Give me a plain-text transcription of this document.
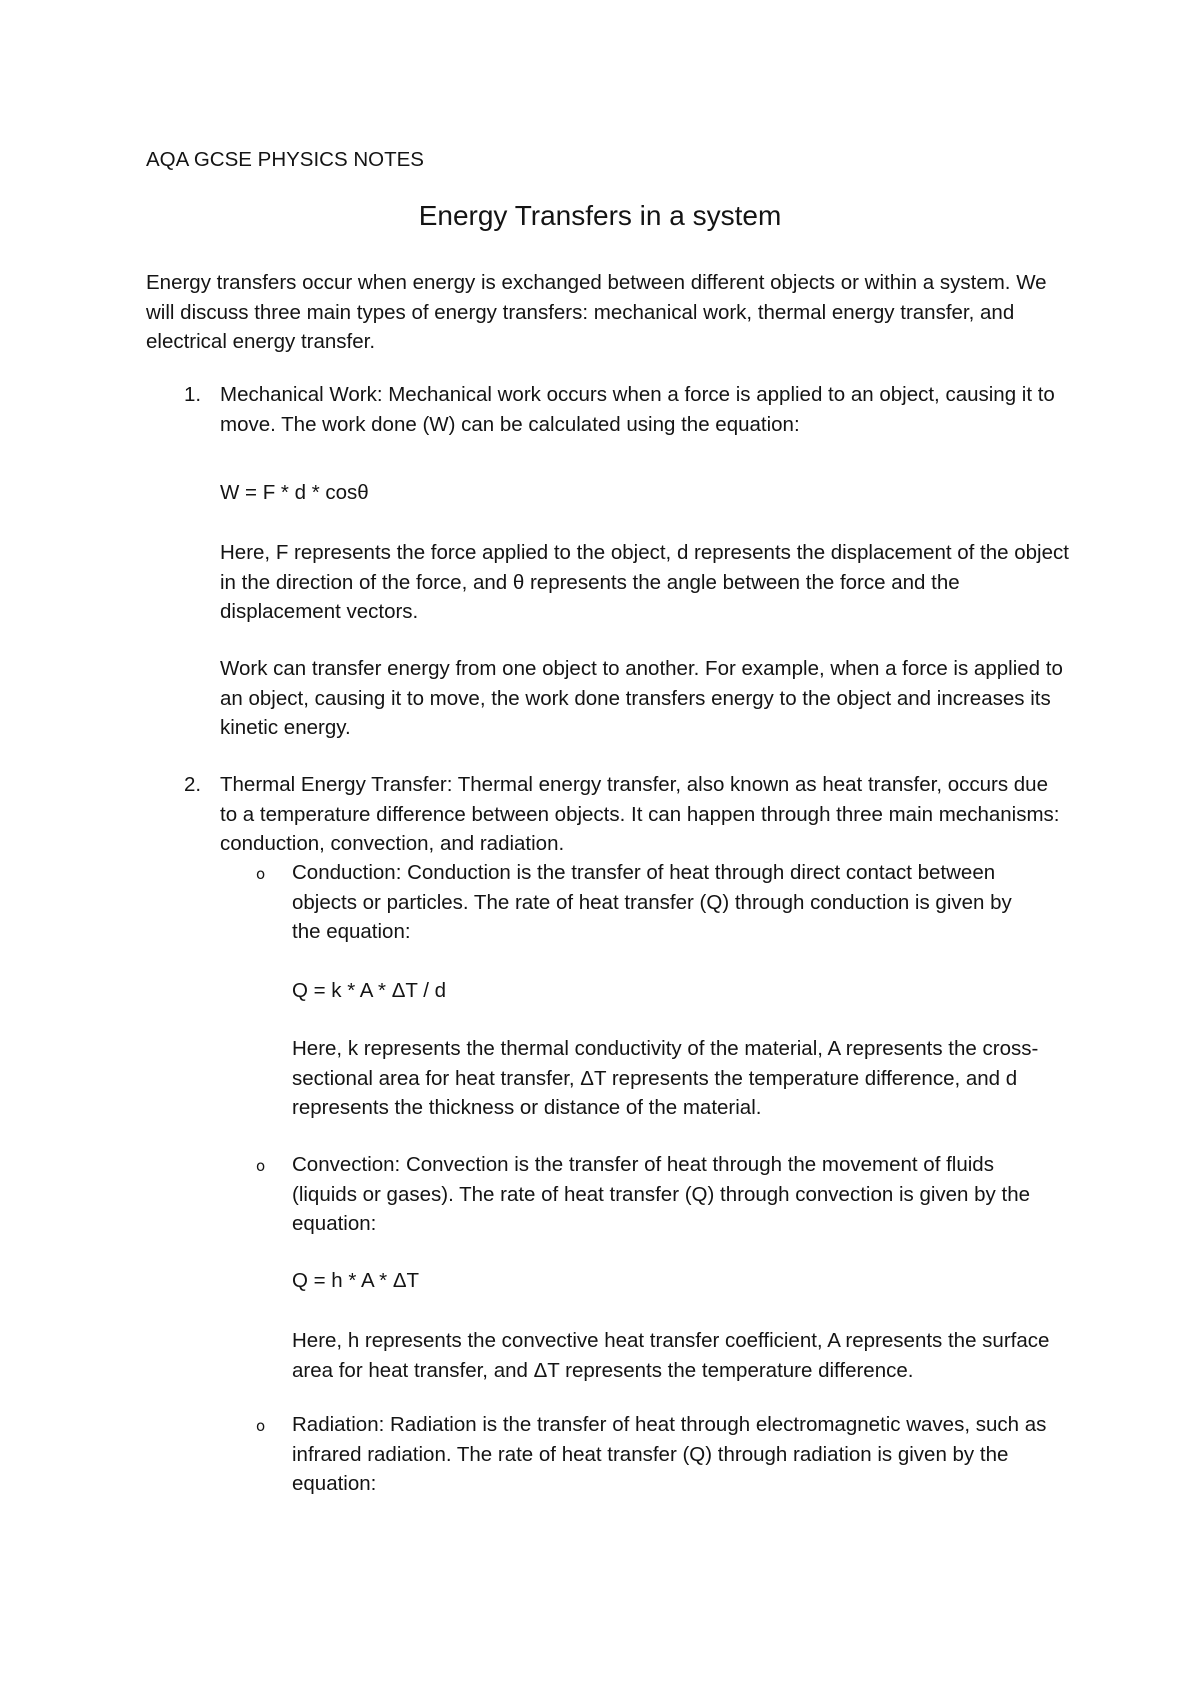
AQA GCSE PHYSICS NOTES
Energy Transfers in a system

Energy transfers occur when energy is exchanged between different objects or within a system. We will discuss three main types of energy transfers: mechanical work, thermal energy transfer, and electrical energy transfer.

1. Mechanical Work: Mechanical work occurs when a force is applied to an object, causing it to move. The work done (W) can be calculated using the equation:

W = F * d * cosθ

Here, F represents the force applied to the object, d represents the displacement of the object in the direction of the force, and θ represents the angle between the force and the displacement vectors.

Work can transfer energy from one object to another. For example, when a force is applied to an object, causing it to move, the work done transfers energy to the object and increases its kinetic energy.

2. Thermal Energy Transfer: Thermal energy transfer, also known as heat transfer, occurs due to a temperature difference between objects. It can happen through three main mechanisms: conduction, convection, and radiation.

o Conduction: Conduction is the transfer of heat through direct contact between objects or particles. The rate of heat transfer (Q) through conduction is given by the equation:

Q = k * A * ΔT / d

Here, k represents the thermal conductivity of the material, A represents the cross-sectional area for heat transfer, ΔT represents the temperature difference, and d represents the thickness or distance of the material.

o Convection: Convection is the transfer of heat through the movement of fluids (liquids or gases). The rate of heat transfer (Q) through convection is given by the equation:

Q = h * A * ΔT

Here, h represents the convective heat transfer coefficient, A represents the surface area for heat transfer, and ΔT represents the temperature difference.

o Radiation: Radiation is the transfer of heat through electromagnetic waves, such as infrared radiation. The rate of heat transfer (Q) through radiation is given by the equation:
